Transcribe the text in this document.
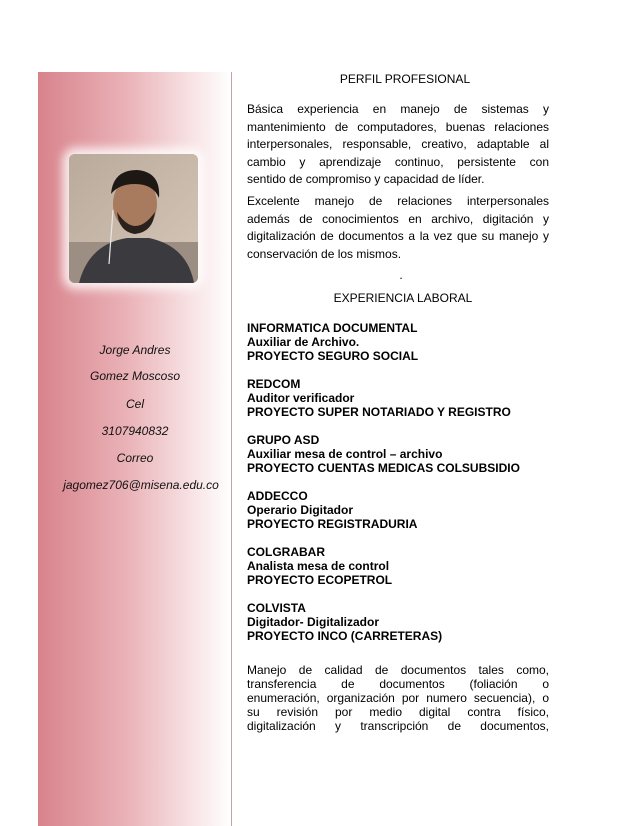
Jorge Andres
Gomez Moscoso
Cel
3107940832
Correo
jagomez706@misena.edu.co
PERFIL PROFESIONAL
Básica experiencia en manejo de sistemas y
mantenimiento de computadores, buenas relaciones
interpersonales, responsable, creativo, adaptable al
cambio y aprendizaje continuo, persistente con
sentido de compromiso y capacidad de líder.
Excelente manejo de relaciones interpersonales
además de conocimientos en archivo, digitación y
digitalización de documentos a la vez que su manejo y
conservación de los mismos.
.
EXPERIENCIA LABORAL
INFORMATICA DOCUMENTAL
Auxiliar de Archivo.
PROYECTO SEGURO SOCIAL
REDCOM
Auditor verificador
PROYECTO SUPER NOTARIADO Y REGISTRO
GRUPO ASD
Auxiliar mesa de control – archivo
PROYECTO CUENTAS MEDICAS COLSUBSIDIO
ADDECCO
Operario Digitador
PROYECTO REGISTRADURIA
COLGRABAR
Analista mesa de control
PROYECTO ECOPETROL
COLVISTA
Digitador- Digitalizador
PROYECTO INCO (CARRETERAS)
Manejo de calidad de documentos tales como,
transferencia de documentos (foliación o
enumeración, organización por numero secuencia), o
su revisión por medio digital contra físico,
digitalización y transcripción de documentos,
